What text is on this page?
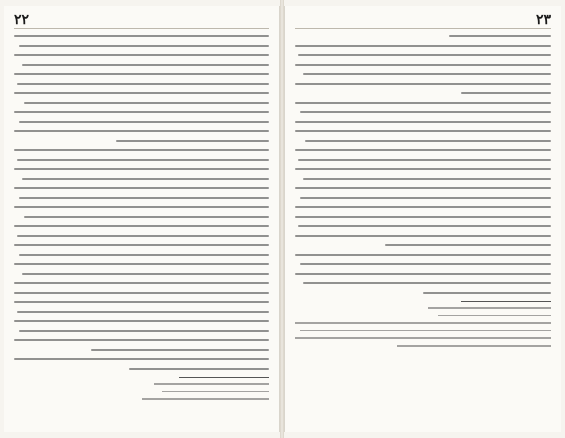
٢٢	٢٣
